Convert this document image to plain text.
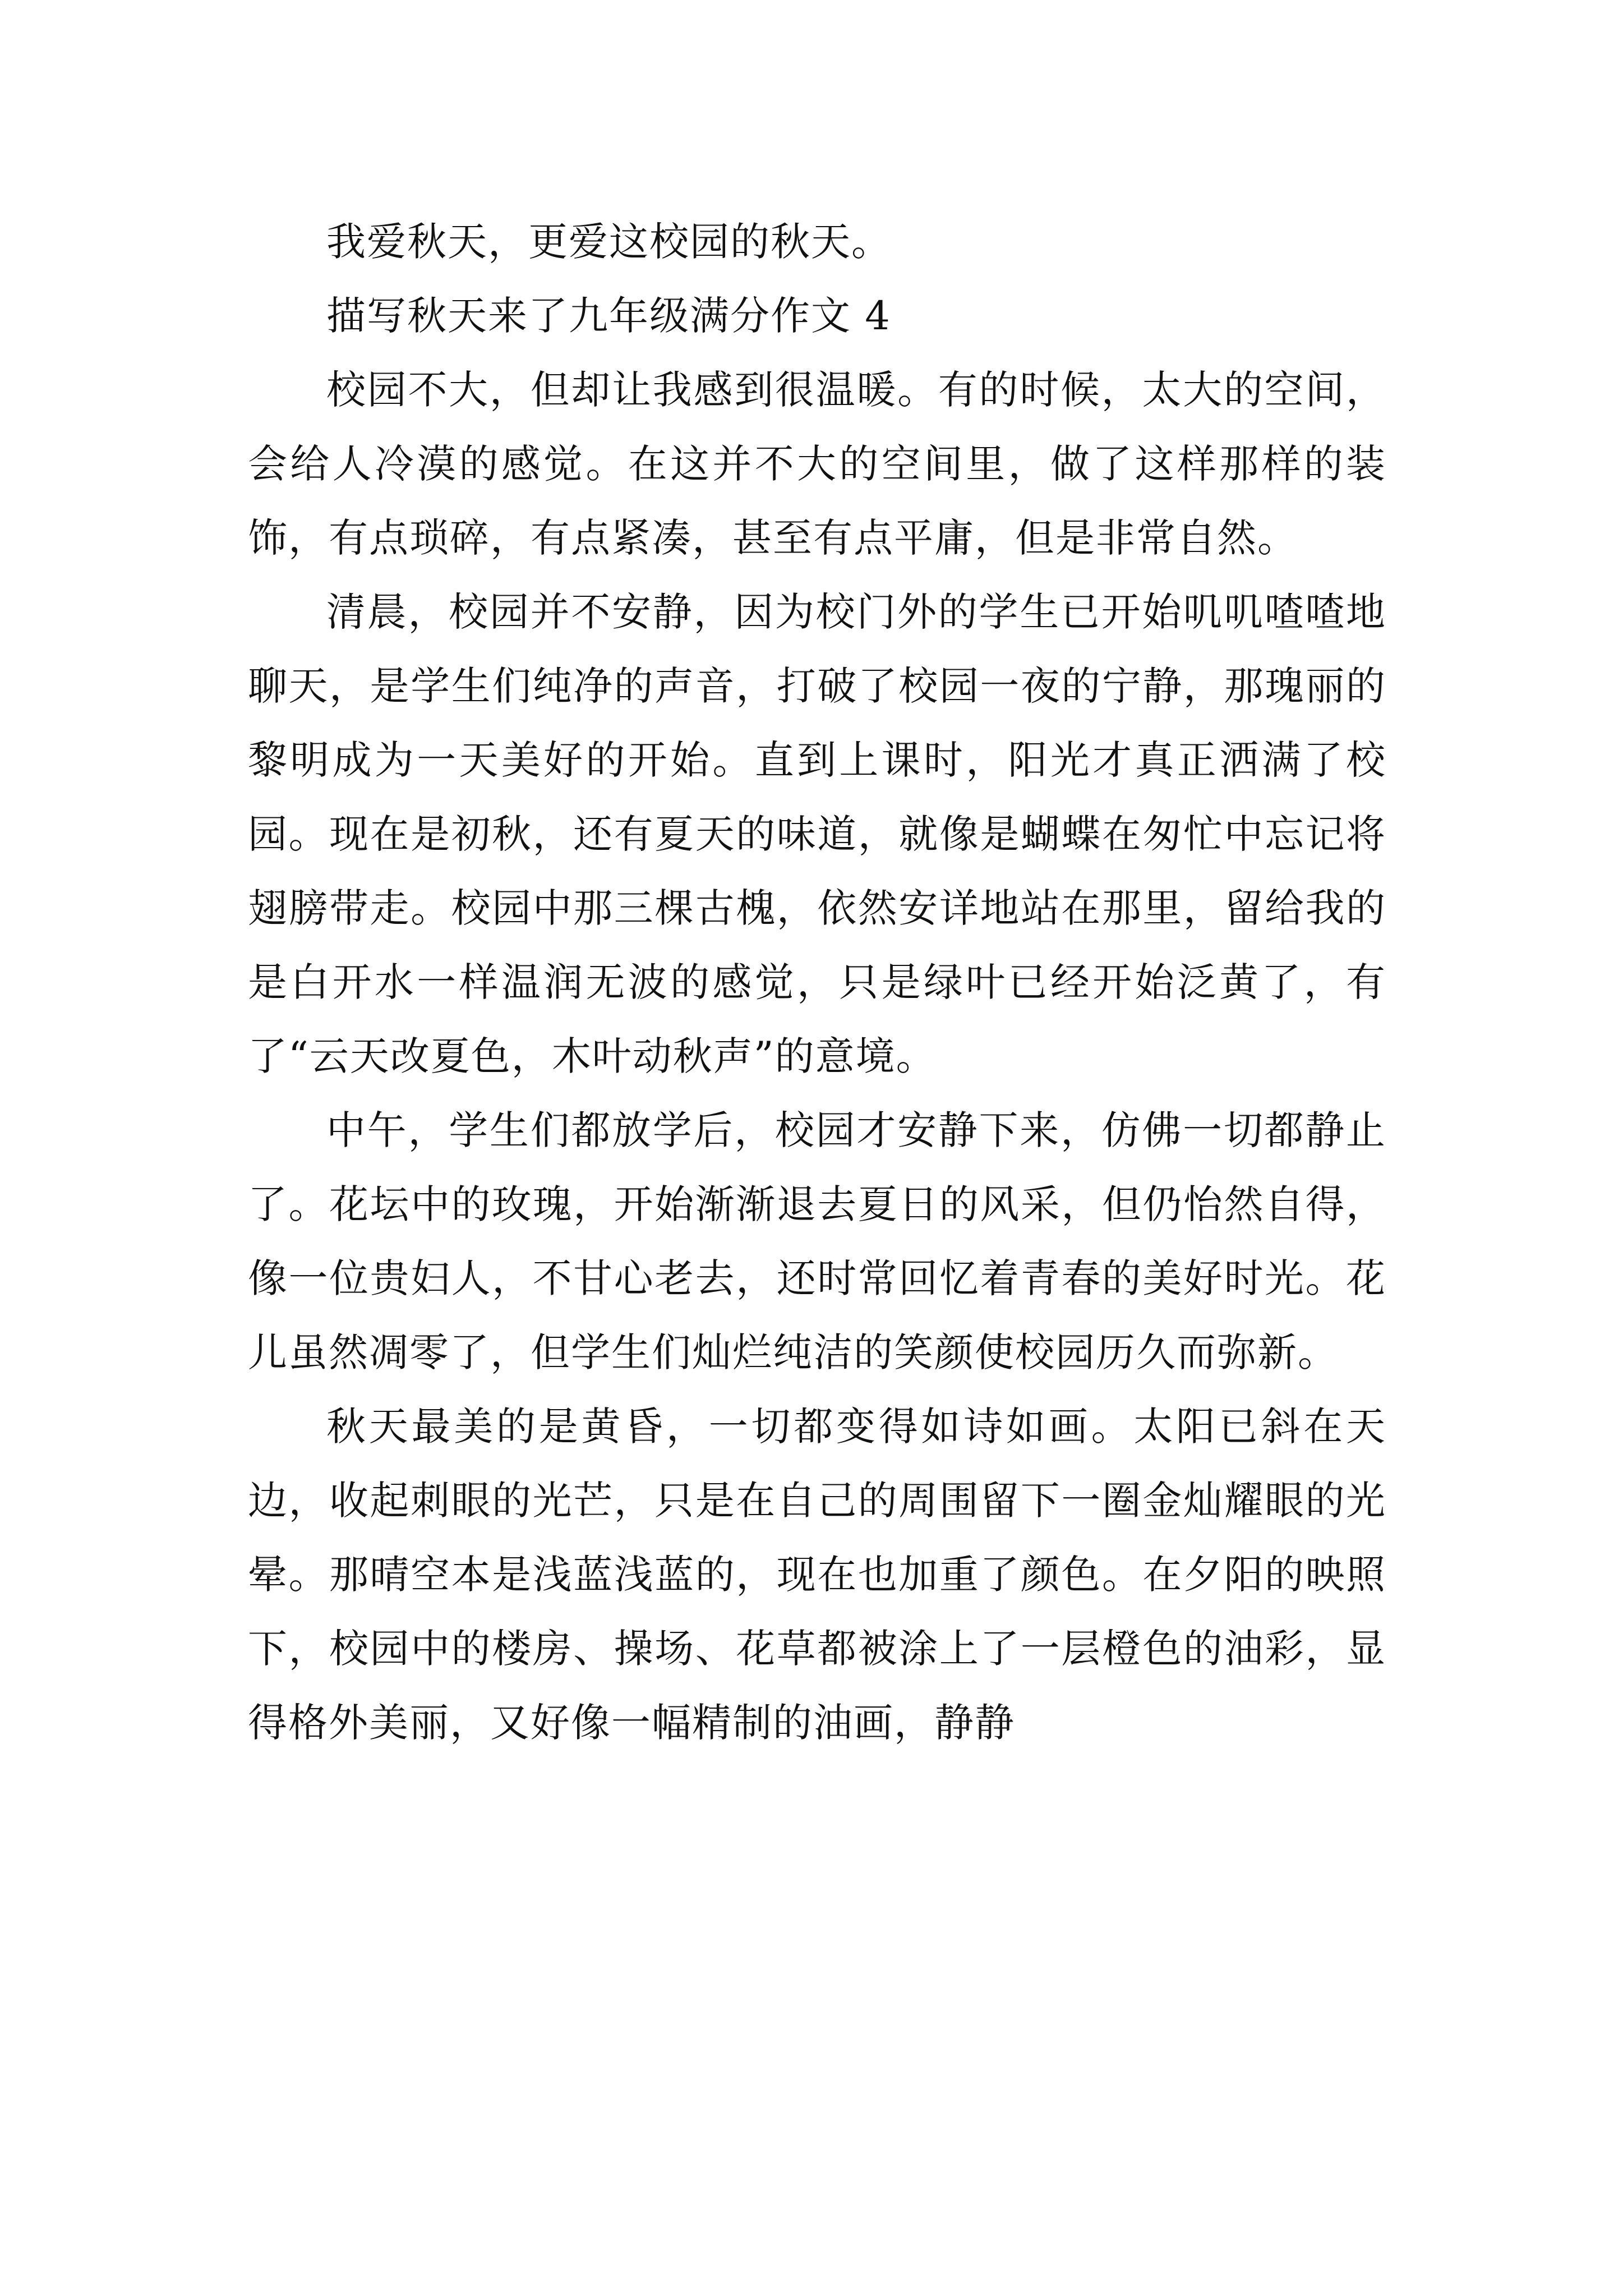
我爱秋天，更爱这校园的秋天。

描写秋天来了九年级满分作文 4

校园不大，但却让我感到很温暖。有的时候，太大的空间，会给人冷漠的感觉。在这并不大的空间里，做了这样那样的装饰，有点琐碎，有点紧凑，甚至有点平庸，但是非常自然。

清晨，校园并不安静，因为校门外的学生已开始叽叽喳喳地聊天，是学生们纯净的声音，打破了校园一夜的宁静，那瑰丽的黎明成为一天美好的开始。直到上课时，阳光才真正洒满了校园。现在是初秋，还有夏天的味道，就像是蝴蝶在匆忙中忘记将翅膀带走。校园中那三棵古槐，依然安详地站在那里，留给我的是白开水一样温润无波的感觉，只是绿叶已经开始泛黄了，有了“云天改夏色，木叶动秋声”的意境。

中午，学生们都放学后，校园才安静下来，仿佛一切都静止了。花坛中的玫瑰，开始渐渐退去夏日的风采，但仍怡然自得，像一位贵妇人，不甘心老去，还时常回忆着青春的美好时光。花儿虽然凋零了，但学生们灿烂纯洁的笑颜使校园历久而弥新。

秋天最美的是黄昏，一切都变得如诗如画。太阳已斜在天边，收起刺眼的光芒，只是在自己的周围留下一圈金灿耀眼的光晕。那晴空本是浅蓝浅蓝的，现在也加重了颜色。在夕阳的映照下，校园中的楼房、操场、花草都被涂上了一层橙色的油彩，显得格外美丽，又好像一幅精制的油画，静静
